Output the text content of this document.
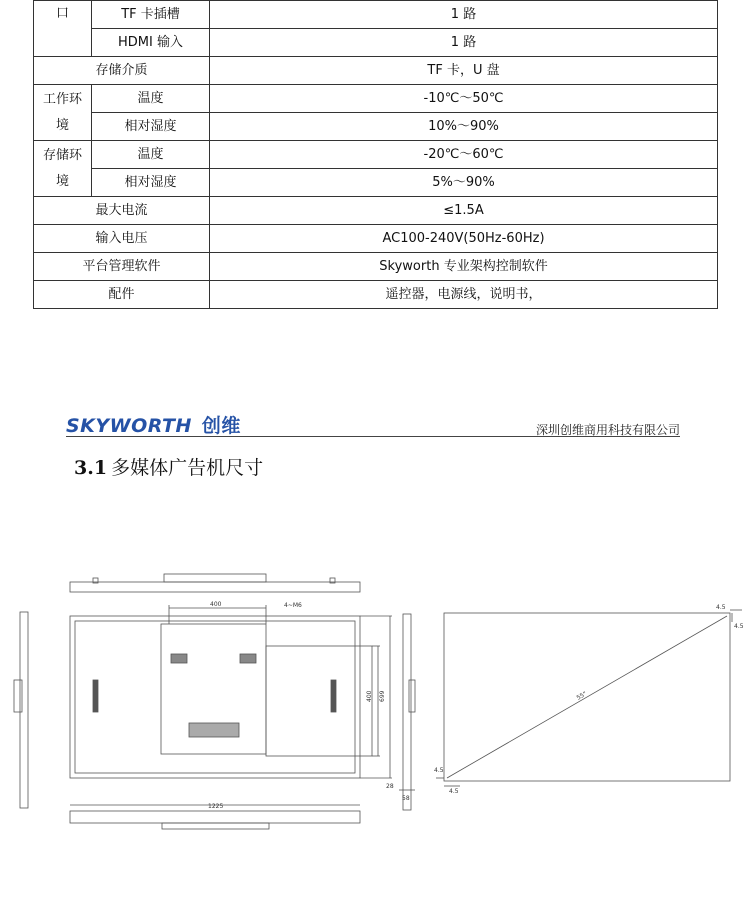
口	TF 卡插槽	1 路
	HDMI 输入	1 路
存储介质		TF 卡，U 盘
工作环
境	温度	-10℃～50℃
	相对湿度	10%～90%
存储环
境	温度	-20℃～60℃
	相对湿度	5%～90%
最大电流		≤1.5A
输入电压		AC100-240V(50Hz-60Hz)
平台管理软件		Skyworth 专业架构控制软件
配件		遥控器，电源线，说明书，
SKYWORTH 创维	深圳创维商用科技有限公司
3.1 多媒体广告机尺寸
400	4~M6
400 699
28
58
1225
55"
4.5
4.5
4.5
4.5
